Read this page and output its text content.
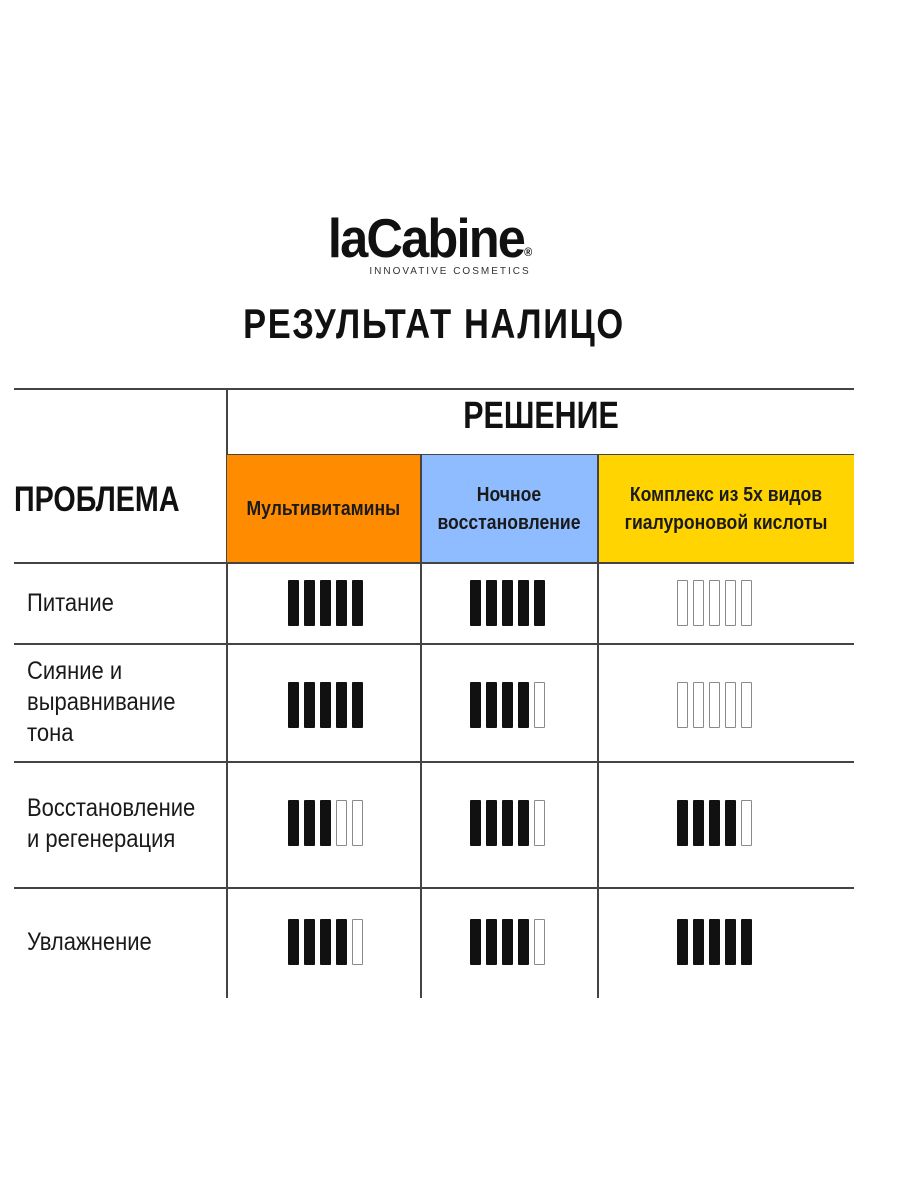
laCabine®
INNOVATIVE COSMETICS
РЕЗУЛЬТАТ НАЛИЦО
РЕШЕНИЕ
ПРОБЛЕМА	Мультивитамины
Ночное восстановление
Комплекс из 5х видов гиалуроновой кислоты
Питание
Сияние и выравнивание тона
Восстановление и регенерация
Увлажнение
